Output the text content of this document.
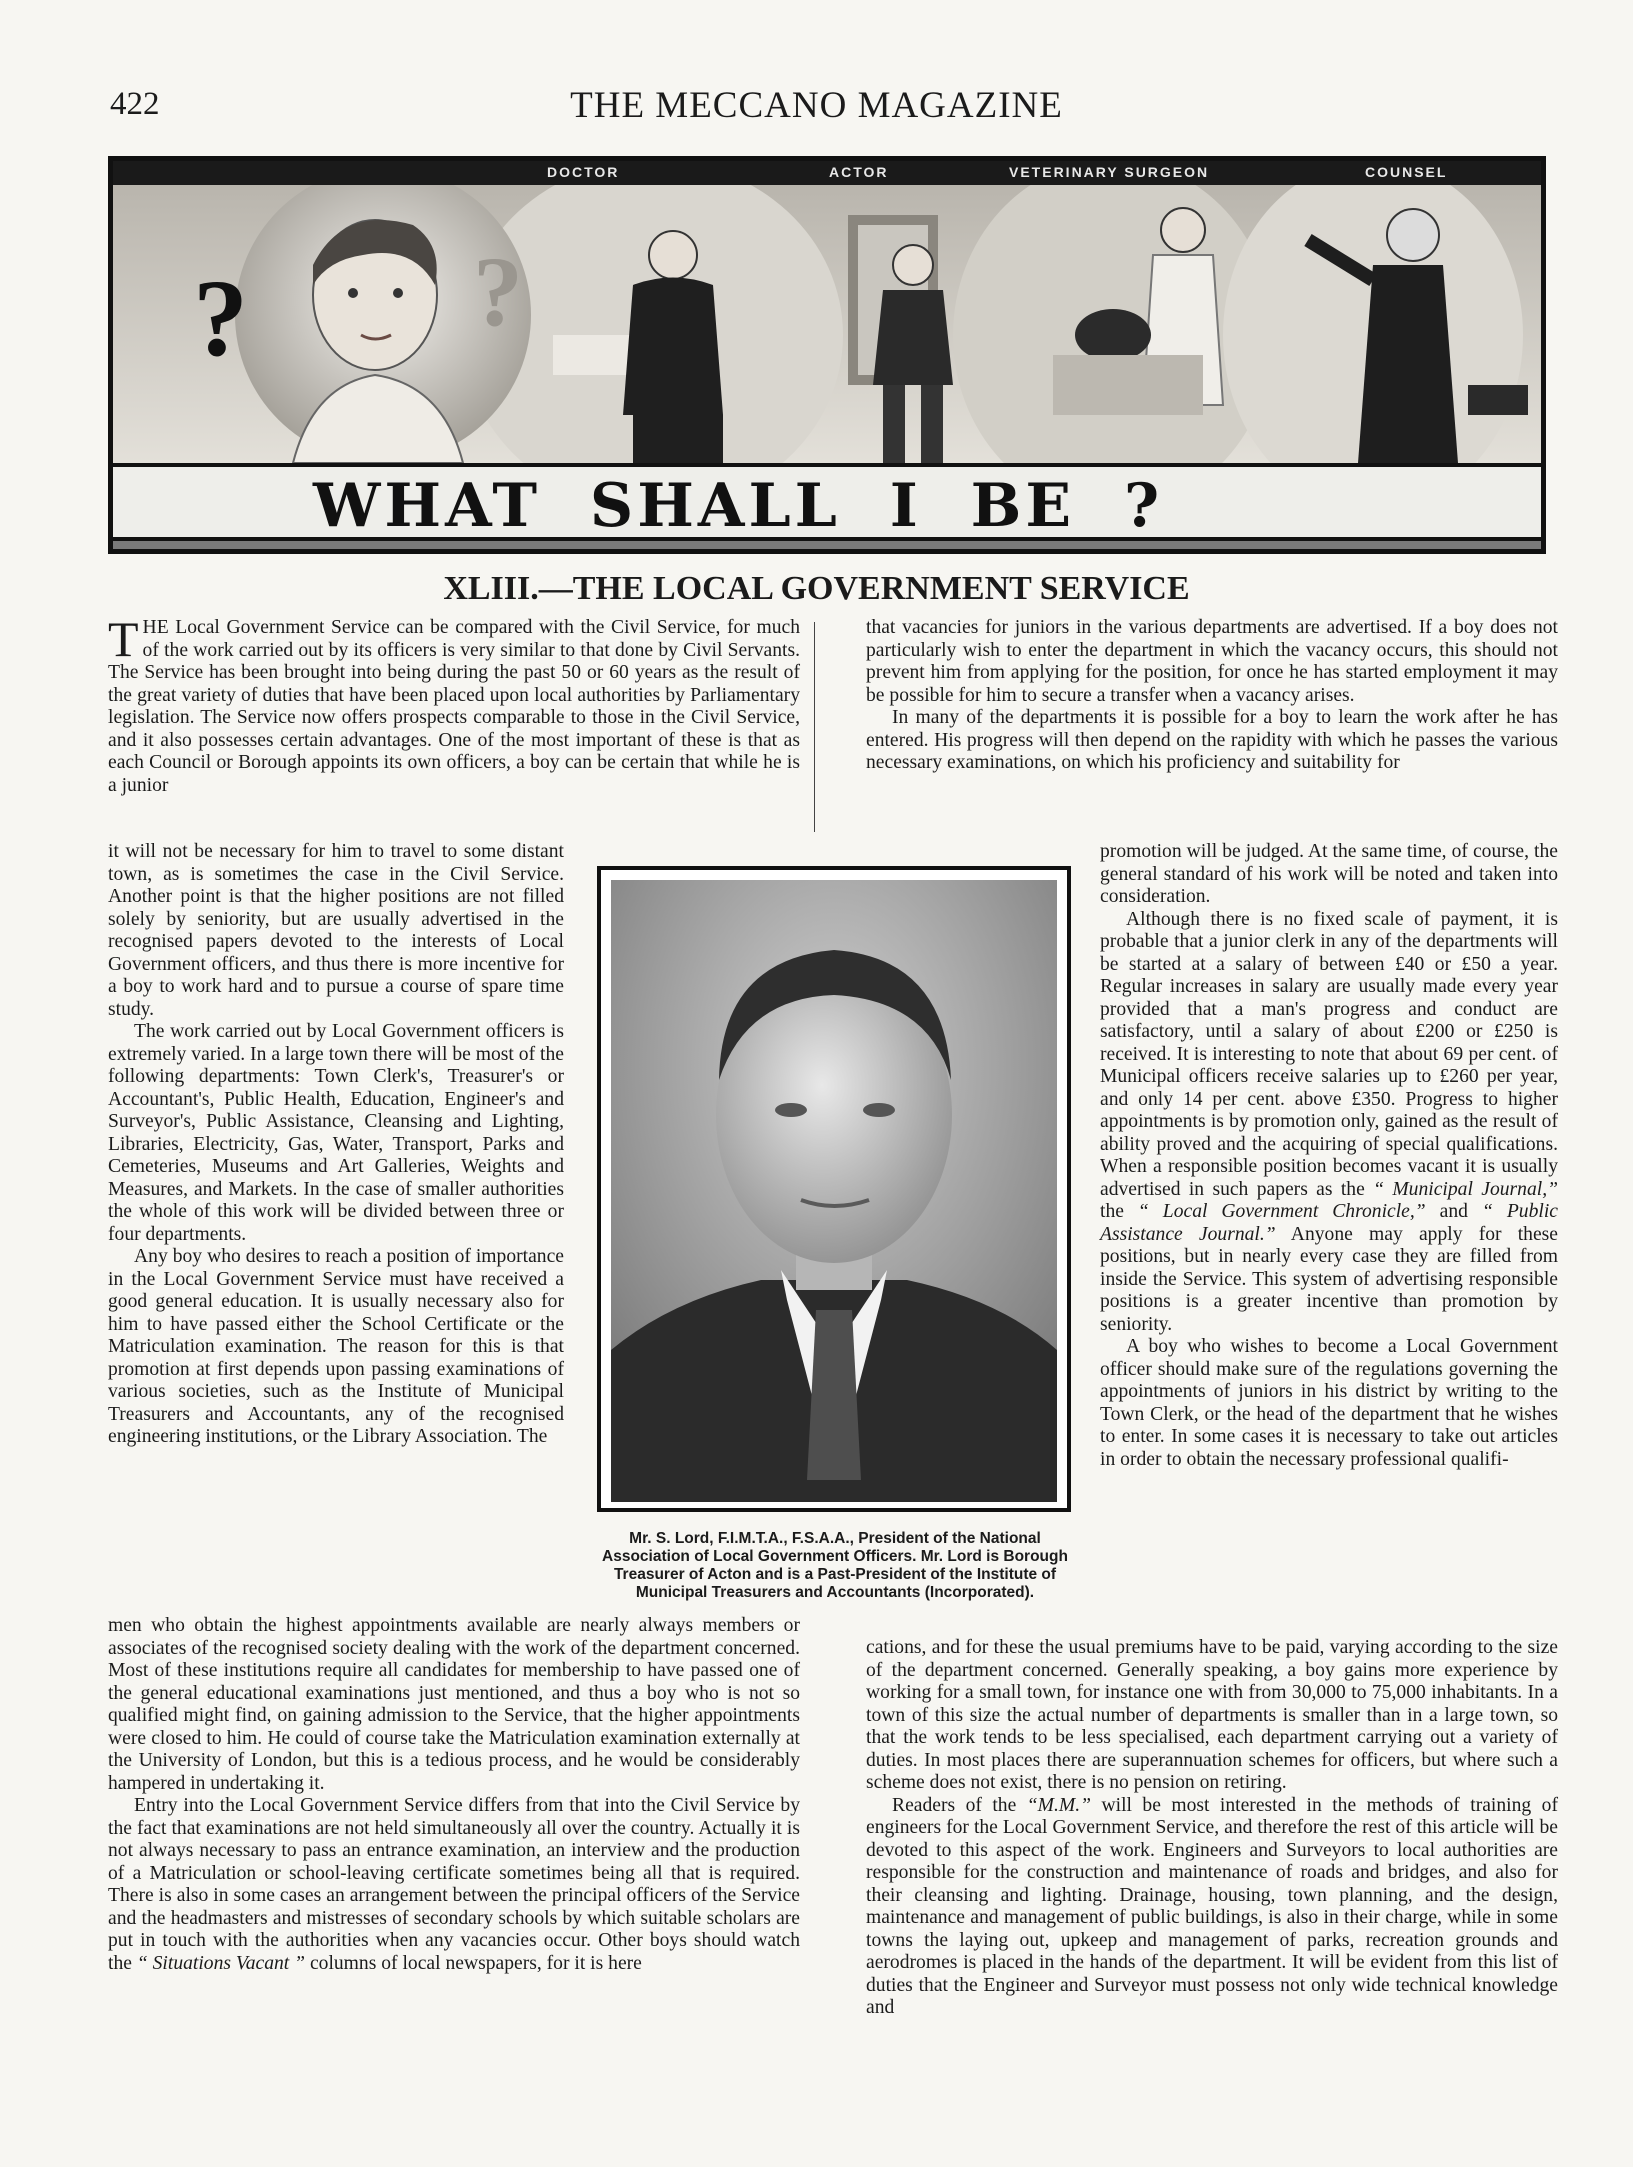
422	THE MECCANO MAGAZINE
DOCTOR	ACTOR	VETERINARY SURGEON	COUNSEL
? ?
WHAT SHALL I BE ?
XLIII.—THE LOCAL GOVERNMENT SERVICE

THE Local Government Service can be compared with the Civil Service, for much of the work carried out by its officers is very similar to that done by Civil Servants. The Service has been brought into being during the past 50 or 60 years as the result of the great variety of duties that have been placed upon local authorities by Parliamentary legislation. The Service now offers prospects comparable to those in the Civil Service, and it also possesses certain advantages. One of the most important of these is that as each Council or Borough appoints its own officers, a boy can be certain that while he is a junior

that vacancies for juniors in the various departments are advertised. If a boy does not particularly wish to enter the department in which the vacancy occurs, this should not prevent him from applying for the position, for once he has started employment it may be possible for him to secure a transfer when a vacancy arises.

In many of the departments it is possible for a boy to learn the work after he has entered. His progress will then depend on the rapidity with which he passes the various necessary examinations, on which his proficiency and suitability for

it will not be necessary for him to travel to some distant town, as is sometimes the case in the Civil Service. Another point is that the higher positions are not filled solely by seniority, but are usually advertised in the recognised papers devoted to the interests of Local Government officers, and thus there is more incentive for a boy to work hard and to pursue a course of spare time study.

The work carried out by Local Government officers is extremely varied. In a large town there will be most of the following departments: Town Clerk's, Treasurer's or Accountant's, Public Health, Education, Engineer's and Surveyor's, Public Assistance, Cleansing and Lighting, Libraries, Electricity, Gas, Water, Transport, Parks and Cemeteries, Museums and Art Galleries, Weights and Measures, and Markets. In the case of smaller authorities the whole of this work will be divided between three or four departments.

Any boy who desires to reach a position of importance in the Local Government Service must have received a good general education. It is usually necessary also for him to have passed either the School Certificate or the Matriculation examination. The reason for this is that promotion at first depends upon passing examinations of various societies, such as the Institute of Municipal Treasurers and Accountants, any of the recognised engineering institutions, or the Library Association. The

Mr. S. Lord, F.I.M.T.A., F.S.A.A., President of the National Association of Local Government Officers. Mr. Lord is Borough Treasurer of Acton and is a Past-President of the Institute of Municipal Treasurers and Accountants (Incorporated).

promotion will be judged. At the same time, of course, the general standard of his work will be noted and taken into consideration.

Although there is no fixed scale of payment, it is probable that a junior clerk in any of the departments will be started at a salary of between £40 or £50 a year. Regular increases in salary are usually made every year provided that a man's progress and conduct are satisfactory, until a salary of about £200 or £250 is received. It is interesting to note that about 69 per cent. of Municipal officers receive salaries up to £260 per year, and only 14 per cent. above £350. Progress to higher appointments is by promotion only, gained as the result of ability proved and the acquiring of special qualifications. When a responsible position becomes vacant it is usually advertised in such papers as the “ Municipal Journal,” the “ Local Government Chronicle,” and “ Public Assistance Journal.” Anyone may apply for these positions, but in nearly every case they are filled from inside the Service. This system of advertising responsible positions is a greater incentive than promotion by seniority.

A boy who wishes to become a Local Government officer should make sure of the regulations governing the appointments of juniors in his district by writing to the Town Clerk, or the head of the department that he wishes to enter. In some cases it is necessary to take out articles in order to obtain the necessary professional qualifi-

men who obtain the highest appointments available are nearly always members or associates of the recognised society dealing with the work of the department concerned. Most of these institutions require all candidates for membership to have passed one of the general educational examinations just mentioned, and thus a boy who is not so qualified might find, on gaining admission to the Service, that the higher appointments were closed to him. He could of course take the Matriculation examination externally at the University of London, but this is a tedious process, and he would be considerably hampered in undertaking it.

Entry into the Local Government Service differs from that into the Civil Service by the fact that examinations are not held simultaneously all over the country. Actually it is not always necessary to pass an entrance examination, an interview and the production of a Matriculation or school-leaving certificate sometimes being all that is required. There is also in some cases an arrangement between the principal officers of the Service and the headmasters and mistresses of secondary schools by which suitable scholars are put in touch with the authorities when any vacancies occur. Other boys should watch the “ Situations Vacant ” columns of local newspapers, for it is here

cations, and for these the usual premiums have to be paid, varying according to the size of the department concerned. Generally speaking, a boy gains more experience by working for a small town, for instance one with from 30,000 to 75,000 inhabitants. In a town of this size the actual number of departments is smaller than in a large town, so that the work tends to be less specialised, each department carrying out a variety of duties. In most places there are superannuation schemes for officers, but where such a scheme does not exist, there is no pension on retiring.

Readers of the “M.M.” will be most interested in the methods of training of engineers for the Local Government Service, and therefore the rest of this article will be devoted to this aspect of the work. Engineers and Surveyors to local authorities are responsible for the construction and maintenance of roads and bridges, and also for their cleansing and lighting. Drainage, housing, town planning, and the design, maintenance and management of public buildings, is also in their charge, while in some towns the laying out, upkeep and management of parks, recreation grounds and aerodromes is placed in the hands of the department. It will be evident from this list of duties that the Engineer and Surveyor must possess not only wide technical knowledge and
